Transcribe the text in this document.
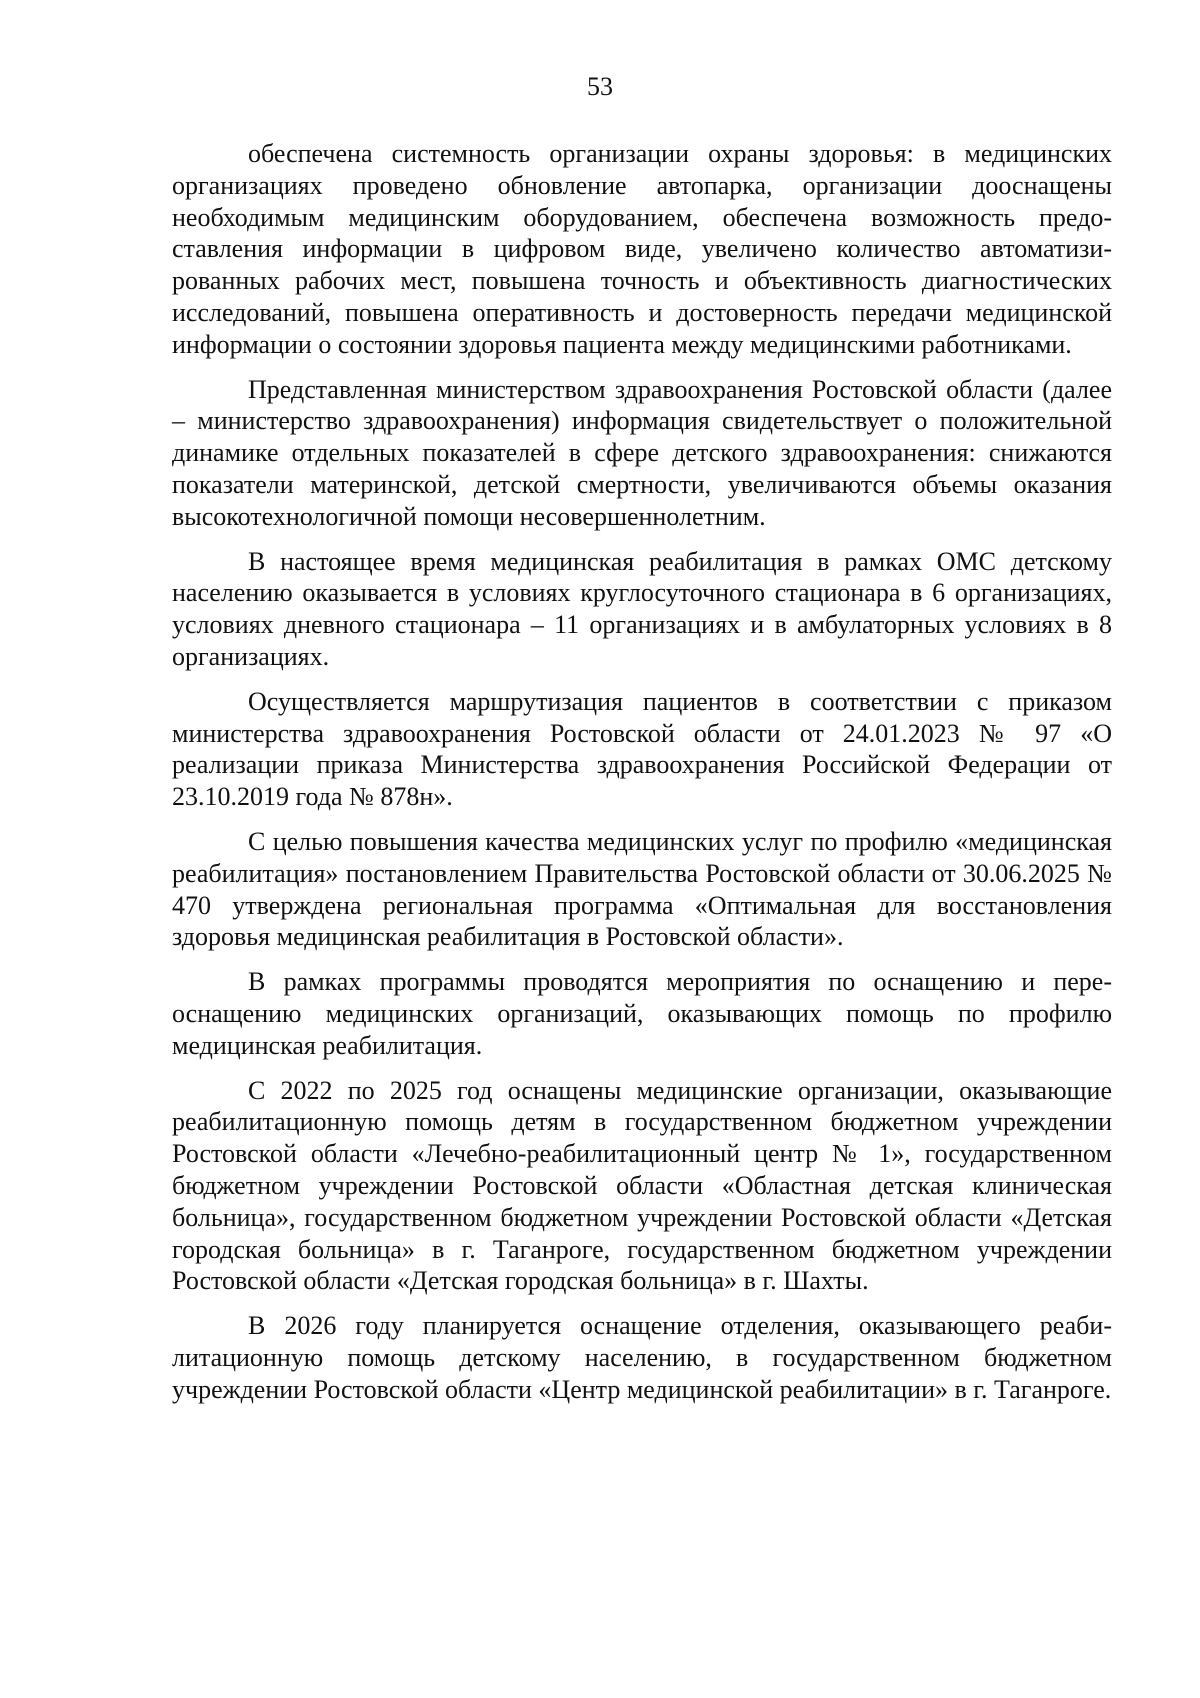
53

обеспечена системность организации охраны здоровья: в медицинских организациях проведено обновление автопарка, организации дооснащены необходимым медицинским оборудованием, обеспечена возможность предоставления информации в цифровом виде, увеличено количество автоматизированных рабочих мест, повышена точность и объективность диагностических исследований, повышена оперативность и достоверность передачи медицинской информации о состоянии здоровья пациента между медицинскими работниками.

Представленная министерством здравоохранения Ростовской области (далее – министерство здравоохранения) информация свидетельствует о положительной динамике отдельных показателей в сфере детского здравоохранения: снижаются показатели материнской, детской смертности, увеличиваются объемы оказания высокотехнологичной помощи несовершеннолетним.

В настоящее время медицинская реабилитация в рамках ОМС детскому населению оказывается в условиях круглосуточного стационара в 6 организациях, условиях дневного стационара – 11 организациях и в амбулаторных условиях в 8 организациях.

Осуществляется маршрутизация пациентов в соответствии с приказом министерства здравоохранения Ростовской области от 24.01.2023 № 97 «О реализации приказа Министерства здравоохранения Российской Федерации от 23.10.2019 года № 878н».

С целью повышения качества медицинских услуг по профилю «медицинская реабилитация» постановлением Правительства Ростовской области от 30.06.2025 № 470 утверждена региональная программа «Оптимальная для восстановления здоровья медицинская реабилитация в Ростовской области».

В рамках программы проводятся мероприятия по оснащению и переоснащению медицинских организаций, оказывающих помощь по профилю медицинская реабилитация.

С 2022 по 2025 год оснащены медицинские организации, оказывающие реабилитационную помощь детям в государственном бюджетном учреждении Ростовской области «Лечебно-реабилитационный центр № 1», государственном бюджетном учреждении Ростовской области «Областная детская клиническая больница», государственном бюджетном учреждении Ростовской области «Детская городская больница» в г. Таганроге, государственном бюджетном учреждении Ростовской области «Детская городская больница» в г. Шахты.

В 2026 году планируется оснащение отделения, оказывающего реабилитационную помощь детскому населению, в государственном бюджетном учреждении Ростовской области «Центр медицинской реабилитации» в г. Таганроге.
